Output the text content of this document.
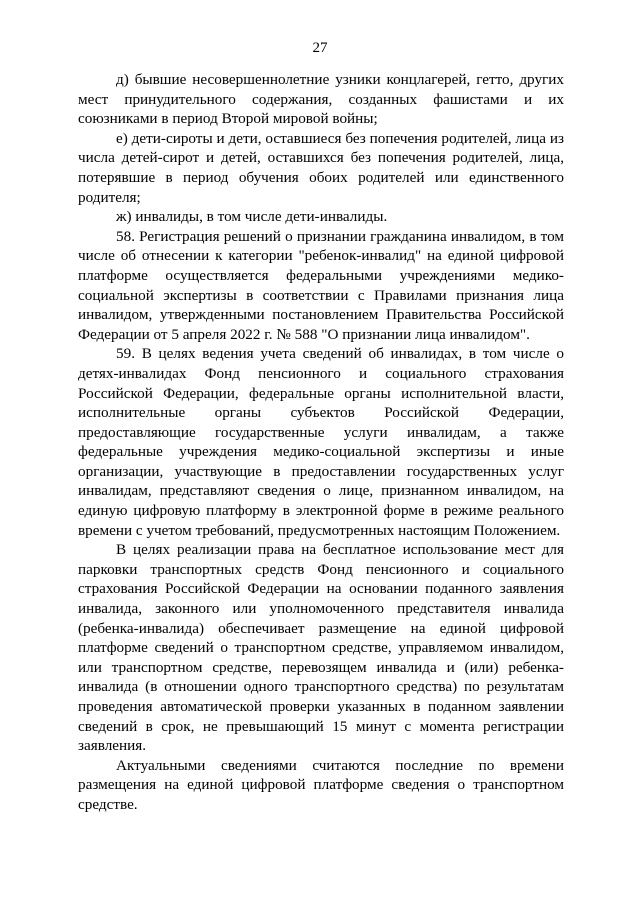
27

д) бывшие несовершеннолетние узники концлагерей, гетто, других мест принудительного содержания, созданных фашистами и их союзниками в период Второй мировой войны;

е) дети-сироты и дети, оставшиеся без попечения родителей, лица из числа детей-сирот и детей, оставшихся без попечения родителей, лица, потерявшие в период обучения обоих родителей или единственного родителя;

ж) инвалиды, в том числе дети-инвалиды.

58. Регистрация решений о признании гражданина инвалидом, в том числе об отнесении к категории "ребенок-инвалид" на единой цифровой платформе осуществляется федеральными учреждениями медико-социальной экспертизы в соответствии с Правилами признания лица инвалидом, утвержденными постановлением Правительства Российской Федерации от 5 апреля 2022 г. № 588 "О признании лица инвалидом".

59. В целях ведения учета сведений об инвалидах, в том числе о детях-инвалидах Фонд пенсионного и социального страхования Российской Федерации, федеральные органы исполнительной власти, исполнительные органы субъектов Российской Федерации, предоставляющие государственные услуги инвалидам, а также федеральные учреждения медико-социальной экспертизы и иные организации, участвующие в предоставлении государственных услуг инвалидам, представляют сведения о лице, признанном инвалидом, на единую цифровую платформу в электронной форме в режиме реального времени с учетом требований, предусмотренных настоящим Положением.

В целях реализации права на бесплатное использование мест для парковки транспортных средств Фонд пенсионного и социального страхования Российской Федерации на основании поданного заявления инвалида, законного или уполномоченного представителя инвалида (ребенка-инвалида) обеспечивает размещение на единой цифровой платформе сведений о транспортном средстве, управляемом инвалидом, или транспортном средстве, перевозящем инвалида и (или) ребенка-инвалида (в отношении одного транспортного средства) по результатам проведения автоматической проверки указанных в поданном заявлении сведений в срок, не превышающий 15 минут с момента регистрации заявления.

Актуальными сведениями считаются последние по времени размещения на единой цифровой платформе сведения о транспортном средстве.
